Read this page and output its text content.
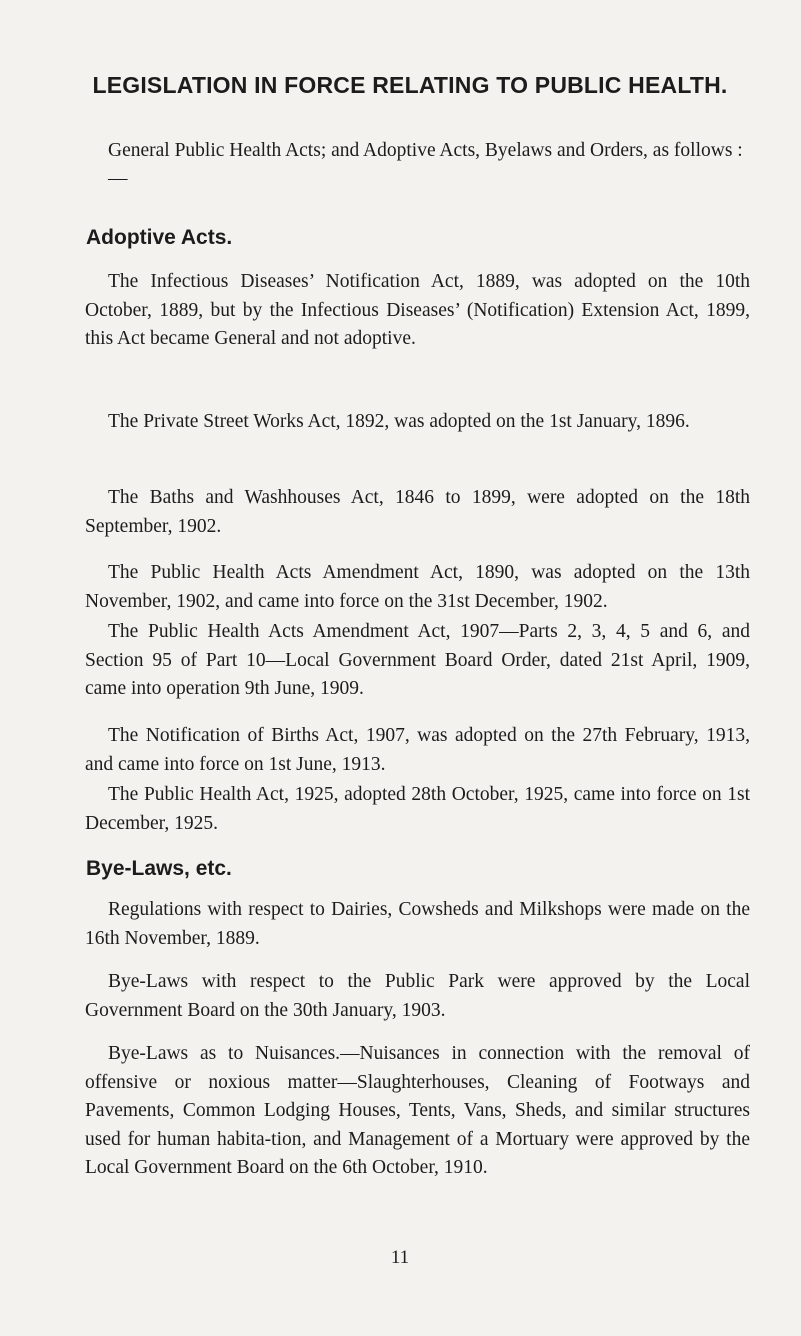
LEGISLATION IN FORCE RELATING TO PUBLIC HEALTH.

General Public Health Acts; and Adoptive Acts, Byelaws and Orders, as follows :—

Adoptive Acts.

The Infectious Diseases’ Notification Act, 1889, was adopted on the 10th October, 1889, but by the Infectious Diseases’ (Notification) Extension Act, 1899, this Act became General and not adoptive.

The Private Street Works Act, 1892, was adopted on the 1st January, 1896.

The Baths and Washhouses Act, 1846 to 1899, were adopted on the 18th September, 1902.

The Public Health Acts Amendment Act, 1890, was adopted on the 13th November, 1902, and came into force on the 31st December, 1902.

The Public Health Acts Amendment Act, 1907—Parts 2, 3, 4, 5 and 6, and Section 95 of Part 10—Local Government Board Order, dated 21st April, 1909, came into operation 9th June, 1909.

The Notification of Births Act, 1907, was adopted on the 27th February, 1913, and came into force on 1st June, 1913.

The Public Health Act, 1925, adopted 28th October, 1925, came into force on 1st December, 1925.

Bye-Laws, etc.

Regulations with respect to Dairies, Cowsheds and Milkshops were made on the 16th November, 1889.

Bye-Laws with respect to the Public Park were approved by the Local Government Board on the 30th January, 1903.

Bye-Laws as to Nuisances.—Nuisances in connection with the removal of offensive or noxious matter—Slaughterhouses, Cleaning of Footways and Pavements, Common Lodging Houses, Tents, Vans, Sheds, and similar structures used for human habita-tion, and Management of a Mortuary were approved by the Local Government Board on the 6th October, 1910.

11
